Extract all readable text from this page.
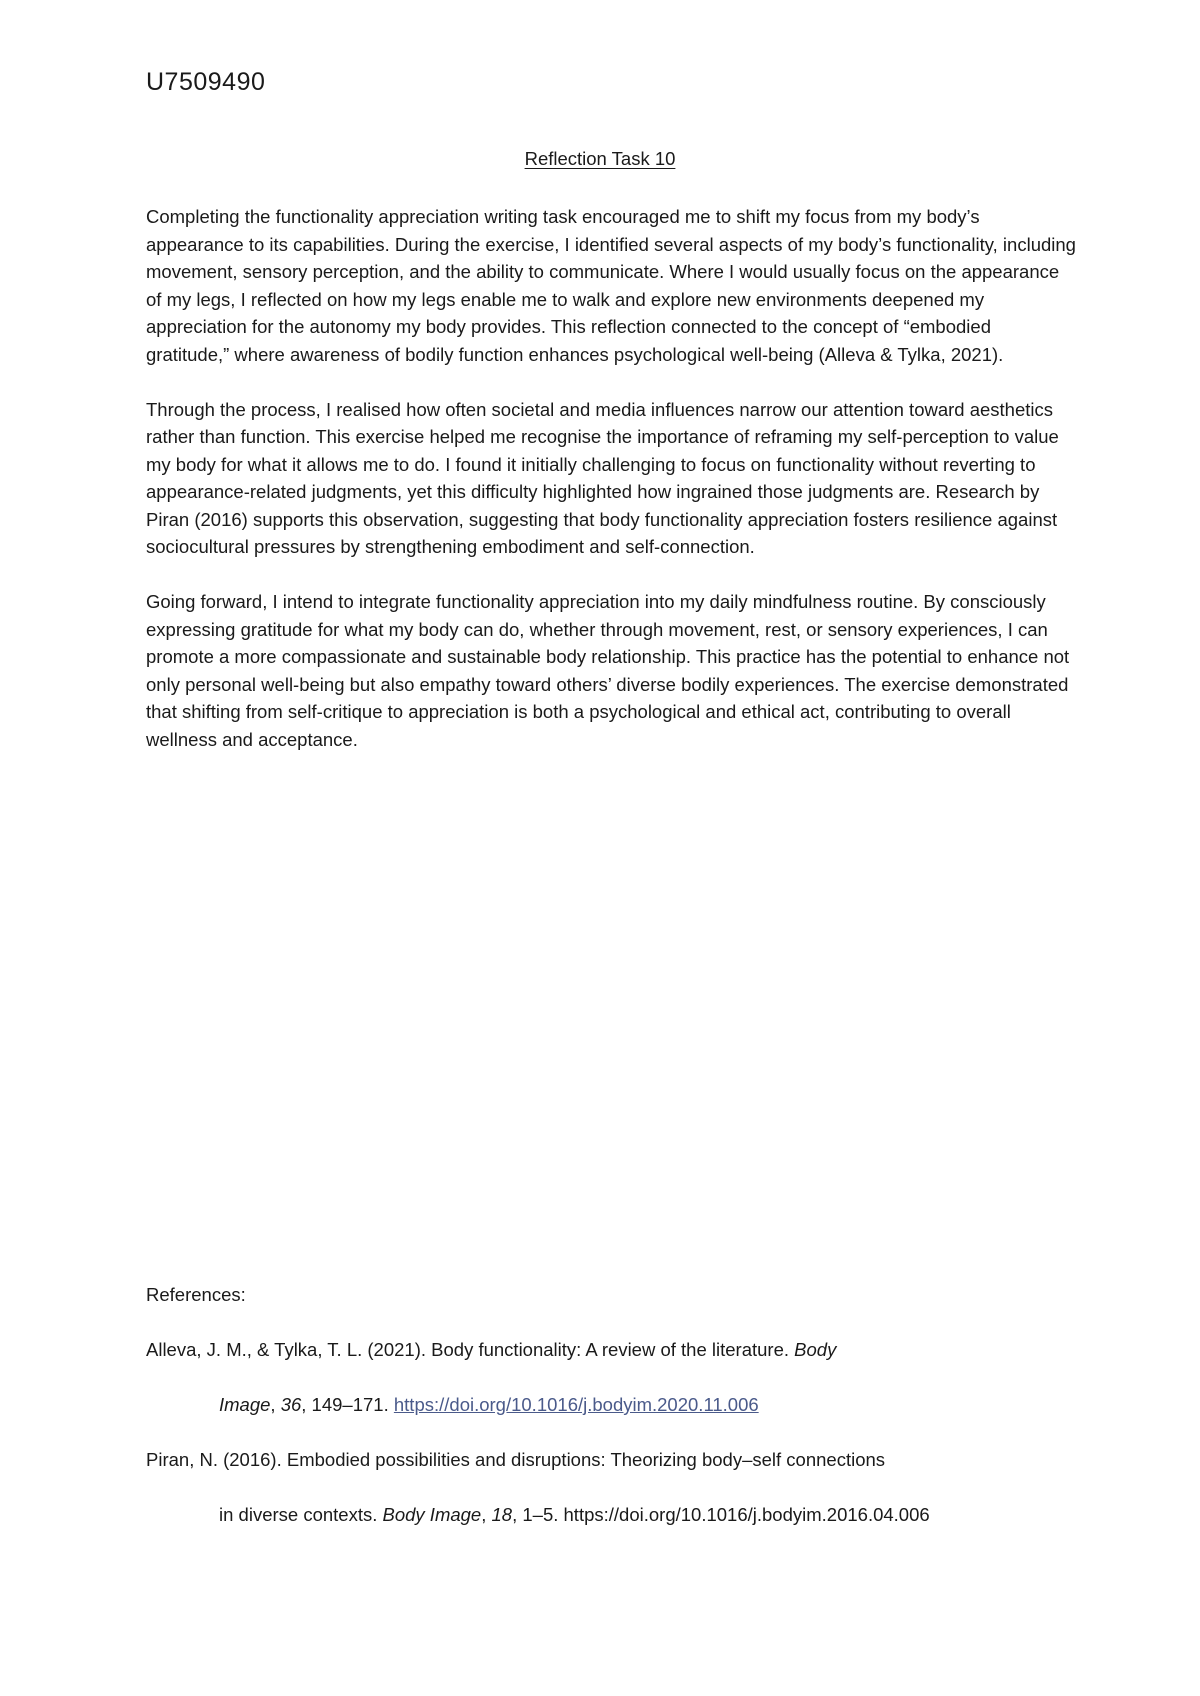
U7509490
Reflection Task 10

Completing the functionality appreciation writing task encouraged me to shift my focus from my body’s appearance to its capabilities. During the exercise, I identified several aspects of my body’s functionality, including movement, sensory perception, and the ability to communicate. Where I would usually focus on the appearance of my legs, I reflected on how my legs enable me to walk and explore new environments deepened my appreciation for the autonomy my body provides. This reflection connected to the concept of “embodied gratitude,” where awareness of bodily function enhances psychological well-being (Alleva & Tylka, 2021).

Through the process, I realised how often societal and media influences narrow our attention toward aesthetics rather than function. This exercise helped me recognise the importance of reframing my self-perception to value my body for what it allows me to do. I found it initially challenging to focus on functionality without reverting to appearance-related judgments, yet this difficulty highlighted how ingrained those judgments are. Research by Piran (2016) supports this observation, suggesting that body functionality appreciation fosters resilience against sociocultural pressures by strengthening embodiment and self-connection.

Going forward, I intend to integrate functionality appreciation into my daily mindfulness routine. By consciously expressing gratitude for what my body can do, whether through movement, rest, or sensory experiences, I can promote a more compassionate and sustainable body relationship. This practice has the potential to enhance not only personal well-being but also empathy toward others’ diverse bodily experiences. The exercise demonstrated that shifting from self-critique to appreciation is both a psychological and ethical act, contributing to overall wellness and acceptance.

References:
Alleva, J. M., & Tylka, T. L. (2021). Body functionality: A review of the literature. Body
Image, 36, 149–171. https://doi.org/10.1016/j.bodyim.2020.11.006
Piran, N. (2016). Embodied possibilities and disruptions: Theorizing body–self connections
in diverse contexts. Body Image, 18, 1–5. https://doi.org/10.1016/j.bodyim.2016.04.006
